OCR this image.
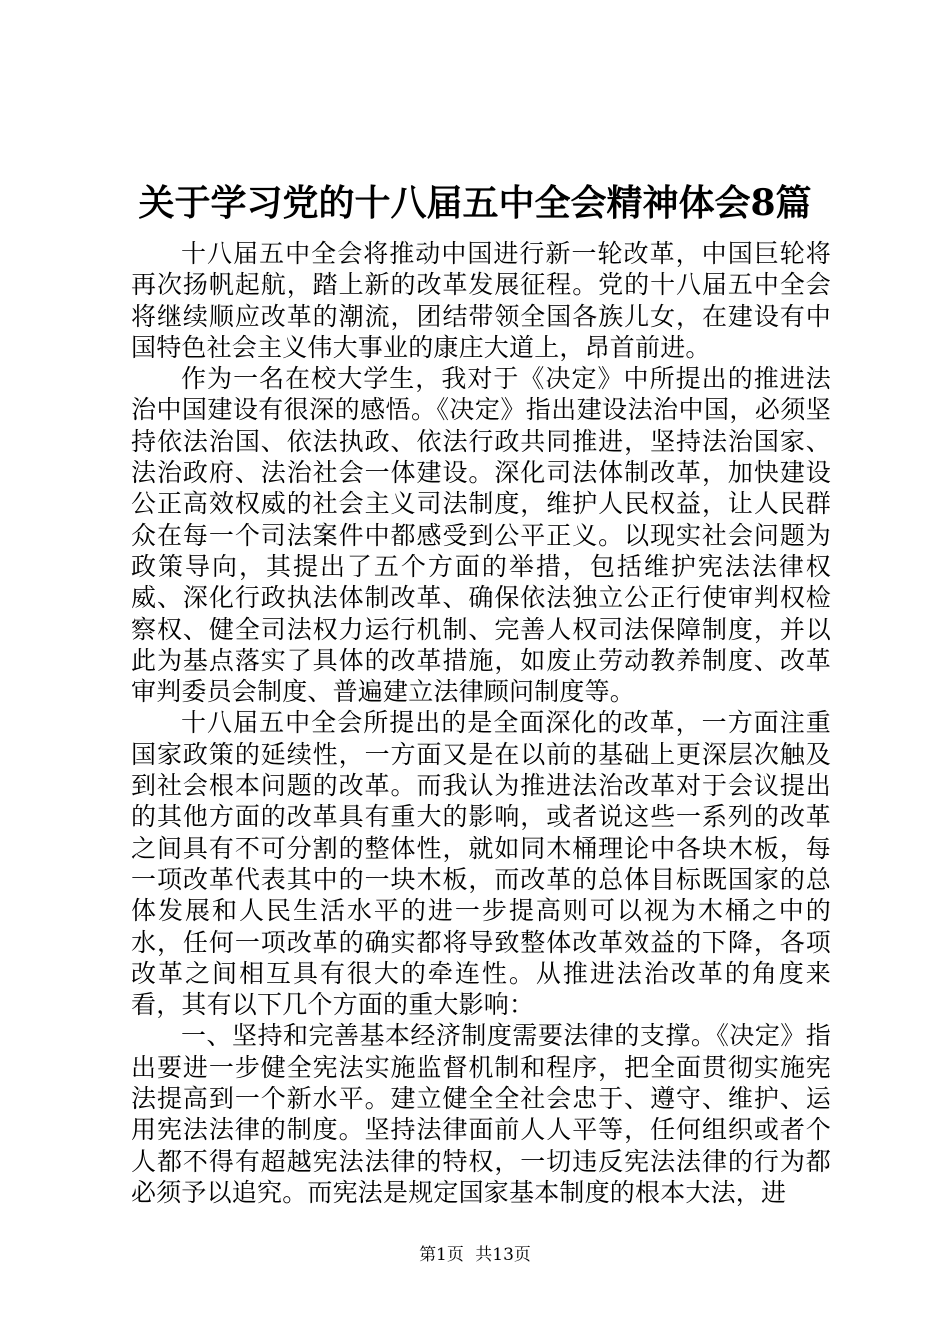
关于学习党的十八届五中全会精神体会8篇

十八届五中全会将推动中国进行新一轮改革，中国巨轮将再次扬帆起航，踏上新的改革发展征程。党的十八届五中全会将继续顺应改革的潮流，团结带领全国各族儿女，在建设有中国特色社会主义伟大事业的康庄大道上，昂首前进。

作为一名在校大学生，我对于《决定》中所提出的推进法治中国建设有很深的感悟。《决定》指出建设法治中国，必须坚持依法治国、依法执政、依法行政共同推进，坚持法治国家、法治政府、法治社会一体建设。深化司法体制改革，加快建设公正高效权威的社会主义司法制度，维护人民权益，让人民群众在每一个司法案件中都感受到公平正义。以现实社会问题为政策导向，其提出了五个方面的举措，包括维护宪法法律权威、深化行政执法体制改革、确保依法独立公正行使审判权检察权、健全司法权力运行机制、完善人权司法保障制度，并以此为基点落实了具体的改革措施，如废止劳动教养制度、改革审判委员会制度、普遍建立法律顾问制度等。

十八届五中全会所提出的是全面深化的改革，一方面注重国家政策的延续性，一方面又是在以前的基础上更深层次触及到社会根本问题的改革。而我认为推进法治改革对于会议提出的其他方面的改革具有重大的影响，或者说这些一系列的改革之间具有不可分割的整体性，就如同木桶理论中各块木板，每一项改革代表其中的一块木板，而改革的总体目标既国家的总体发展和人民生活水平的进一步提高则可以视为木桶之中的水，任何一项改革的确实都将导致整体改革效益的下降，各项改革之间相互具有很大的牵连性。从推进法治改革的角度来看，其有以下几个方面的重大影响：

一、坚持和完善基本经济制度需要法律的支撑。《决定》指出要进一步健全宪法实施监督机制和程序，把全面贯彻实施宪法提高到一个新水平。建立健全全社会忠于、遵守、维护、运用宪法法律的制度。坚持法律面前人人平等，任何组织或者个人都不得有超越宪法法律的特权，一切违反宪法法律的行为都必须予以追究。而宪法是规定国家基本制度的根本大法，进

第1页 共13页
